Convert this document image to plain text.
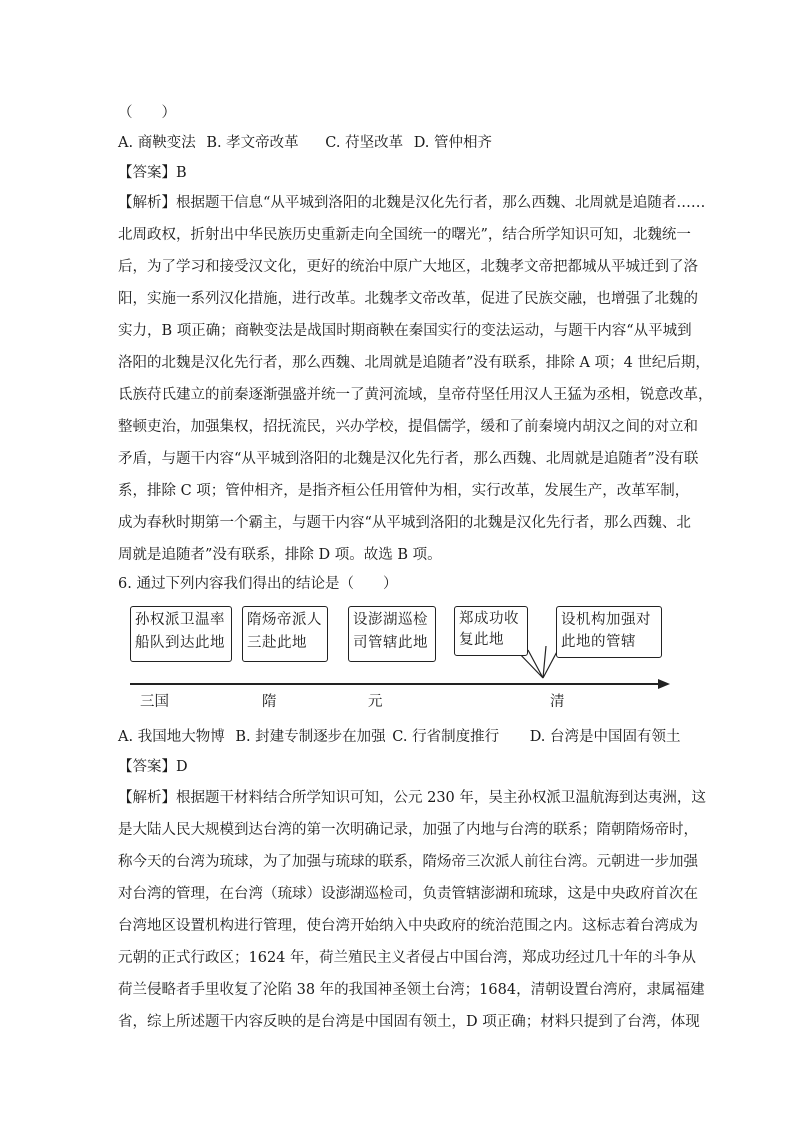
（　　）
A. 商鞅变法 B. 孝文帝改革 C. 苻坚改革 D. 管仲相齐
【答案】B
【解析】根据题干信息“从平城到洛阳的北魏是汉化先行者，那么西魏、北周就是追随者……
北周政权，折射出中华民族历史重新走向全国统一的曙光”，结合所学知识可知，北魏统一
后，为了学习和接受汉文化，更好的统治中原广大地区，北魏孝文帝把都城从平城迁到了洛
阳，实施一系列汉化措施，进行改革。北魏孝文帝改革，促进了民族交融，也增强了北魏的
实力，B 项正确；商鞅变法是战国时期商鞅在秦国实行的变法运动，与题干内容“从平城到
洛阳的北魏是汉化先行者，那么西魏、北周就是追随者”没有联系，排除 A 项；4 世纪后期，
氐族苻氏建立的前秦逐渐强盛并统一了黄河流域，皇帝苻坚任用汉人王猛为丞相，锐意改革，
整顿吏治，加强集权，招抚流民，兴办学校，提倡儒学，缓和了前秦境内胡汉之间的对立和
矛盾，与题干内容“从平城到洛阳的北魏是汉化先行者，那么西魏、北周就是追随者”没有联
系，排除 C 项；管仲相齐，是指齐桓公任用管仲为相，实行改革，发展生产，改革军制，
成为春秋时期第一个霸主，与题干内容“从平城到洛阳的北魏是汉化先行者，那么西魏、北
周就是追随者”没有联系，排除 D 项。故选 B 项。
6. 通过下列内容我们得出的结论是（　　）
孙权派卫温率
船队到达此地
隋炀帝派人
三赴此地
设澎湖巡检
司管辖此地
郑成功收
复此地
设机构加强对
此地的管辖
三国	隋	元	清
A. 我国地大物博 B. 封建专制逐步在加强 C. 行省制度推行 D. 台湾是中国固有领土
【答案】D
【解析】根据题干材料结合所学知识可知，公元 230 年，吴主孙权派卫温航海到达夷洲，这
是大陆人民大规模到达台湾的第一次明确记录，加强了内地与台湾的联系；隋朝隋炀帝时，
称今天的台湾为琉球，为了加强与琉球的联系，隋炀帝三次派人前往台湾。元朝进一步加强
对台湾的管理，在台湾（琉球）设澎湖巡检司，负责管辖澎湖和琉球，这是中央政府首次在
台湾地区设置机构进行管理，使台湾开始纳入中央政府的统治范围之内。这标志着台湾成为
元朝的正式行政区；1624 年，荷兰殖民主义者侵占中国台湾，郑成功经过几十年的斗争从
荷兰侵略者手里收复了沦陷 38 年的我国神圣领土台湾；1684，清朝设置台湾府，隶属福建
省，综上所述题干内容反映的是台湾是中国固有领土，D 项正确；材料只提到了台湾，体现
